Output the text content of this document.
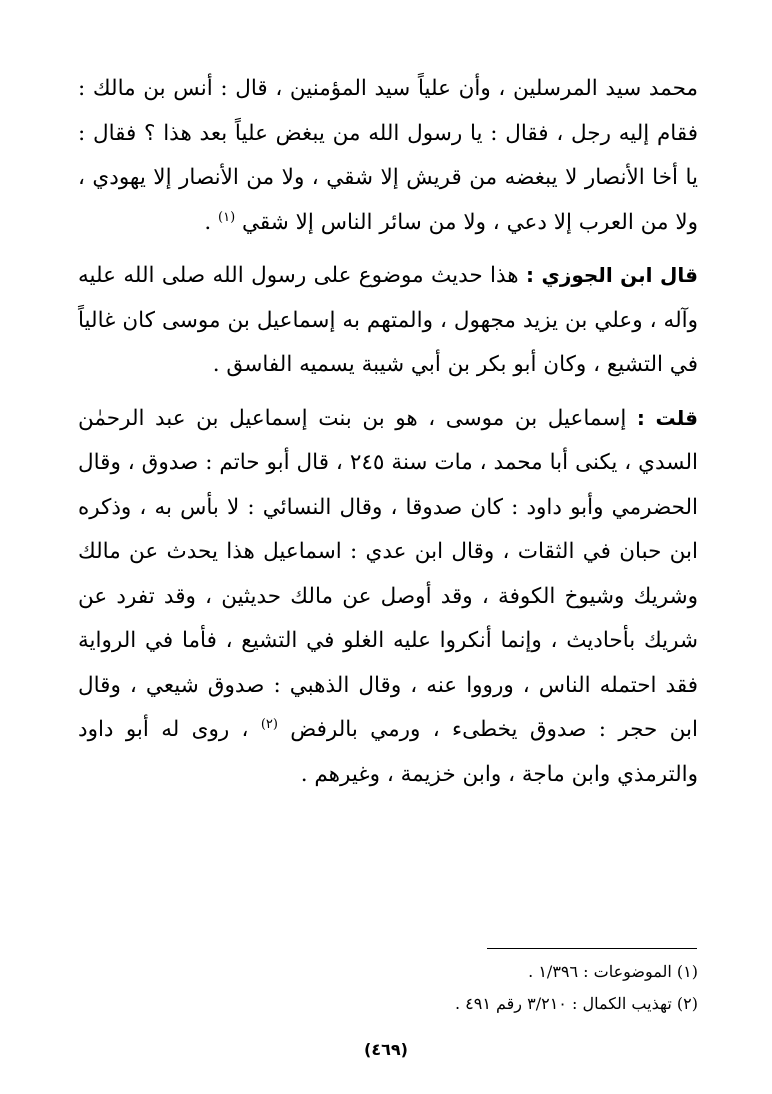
محمد سيد المرسلين ، وأن علياً سيد المؤمنين ، قال : أنس بن مالك : فقام إليه رجل ، فقال : يا رسول الله من يبغض علياً بعد هذا ؟ فقال : يا أخا الأنصار لا يبغضه من قريش إلا شقي ، ولا من الأنصار إلا يهودي ، ولا من العرب إلا دعي ، ولا من سائر الناس إلا شقي $^{(١)}$ .

قال ابن الجوزي : هذا حديث موضوع على رسول الله صلى الله عليه وآله ، وعلي بن يزيد مجهول ، والمتهم به إسماعيل بن موسى كان غالياً في التشيع ، وكان أبو بكر بن أبي شيبة يسميه الفاسق .

قلت : إسماعيل بن موسى ، هو بن بنت إسماعيل بن عبد الرحمٰن السدي ، يكنى أبا محمد ، مات سنة ٢٤٥ ، قال أبو حاتم : صدوق ، وقال الحضرمي وأبو داود : كان صدوقا ، وقال النسائي : لا بأس به ، وذكره ابن حبان في الثقات ، وقال ابن عدي : اسماعيل هذا يحدث عن مالك وشريك وشيوخ الكوفة ، وقد أوصل عن مالك حديثين ، وقد تفرد عن شريك بأحاديث ، وإنما أنكروا عليه الغلو في التشيع ، فأما في الرواية فقد احتمله الناس ، ورووا عنه ، وقال الذهبي : صدوق شيعي ، وقال ابن حجر : صدوق يخطىء ، ورمي بالرفض $^{(٢)}$ ، روى له أبو داود والترمذي وابن ماجة ، وابن خزيمة ، وغيرهم .

(١) الموضوعات : ١/٣٩٦ .
(٢) تهذيب الكمال : ٣/٢١٠ رقم ٤٩١ .
(٤٦٩)
